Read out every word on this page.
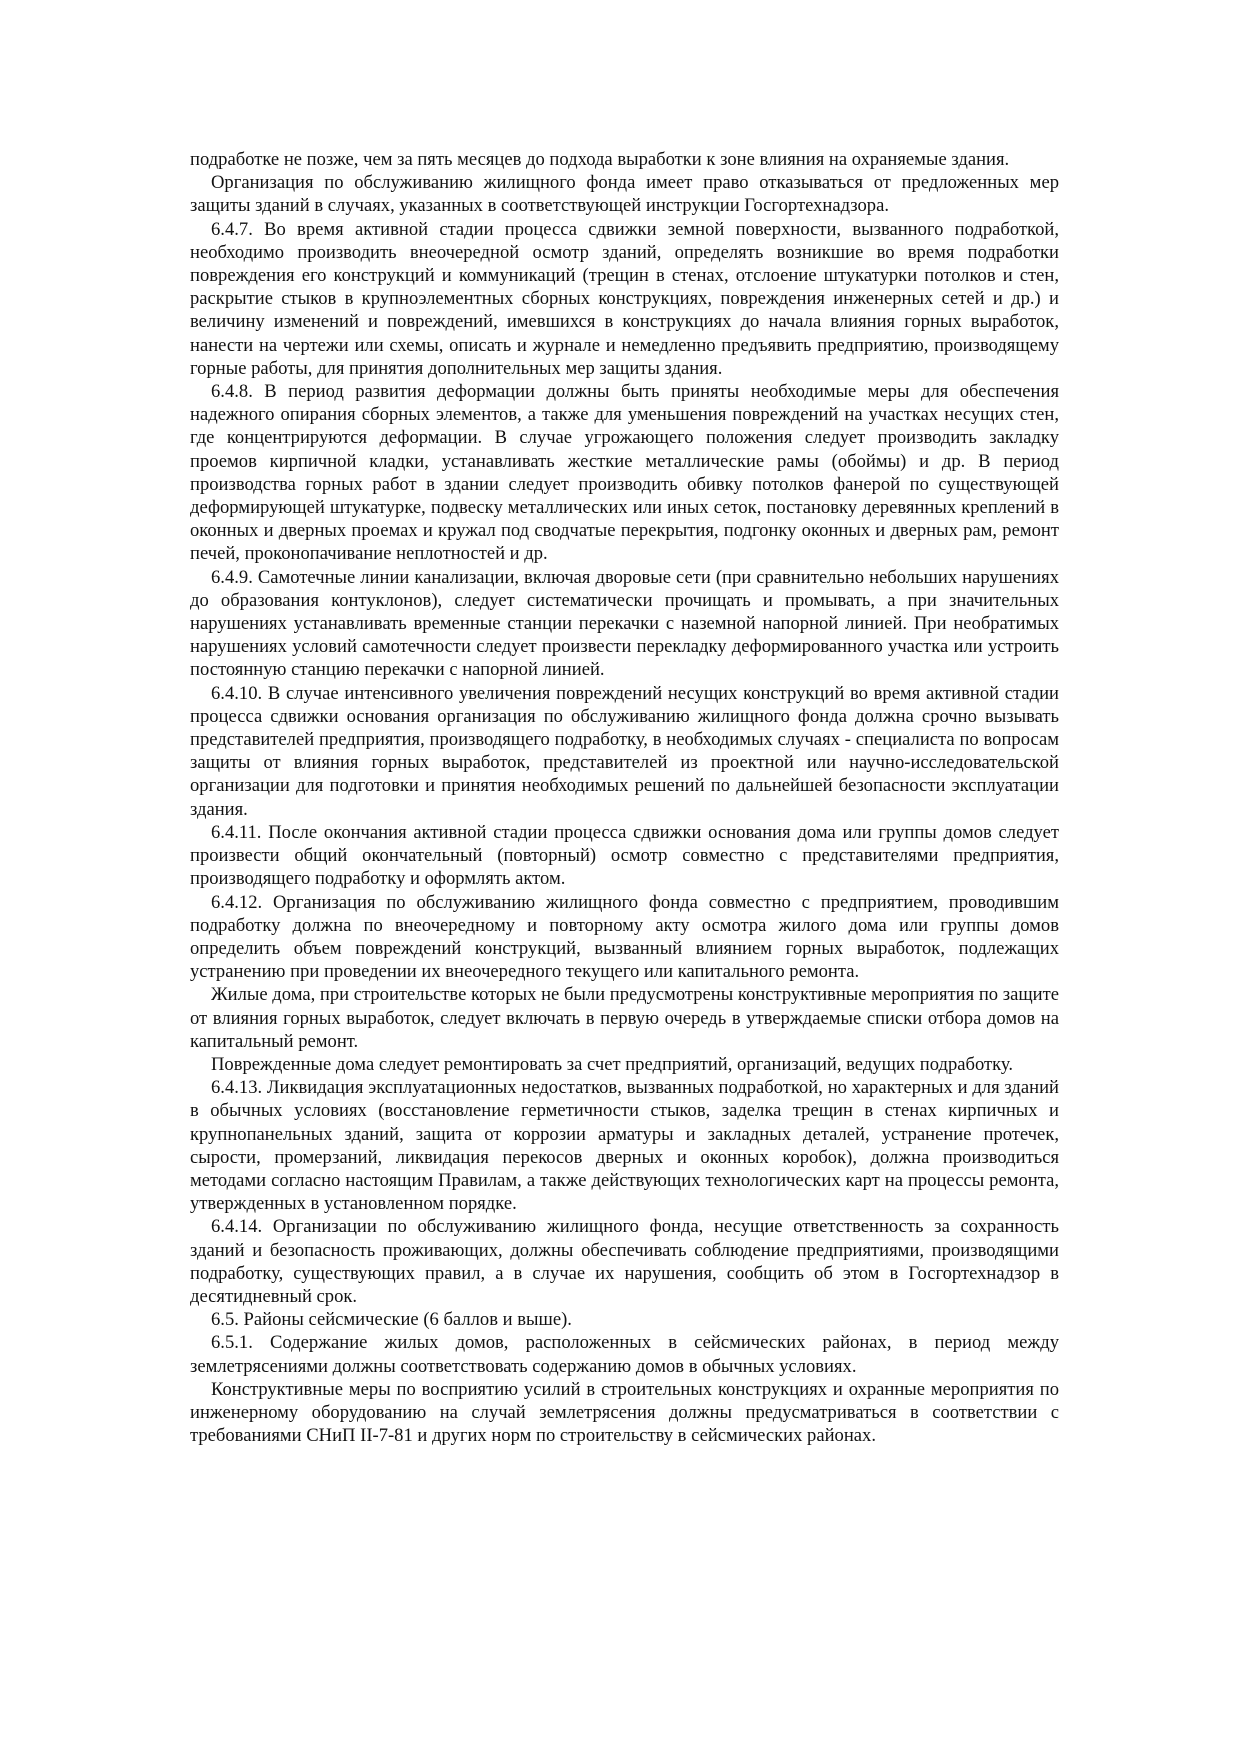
подработке не позже, чем за пять месяцев до подхода выработки к зоне влияния на охраняемые здания.

Организация по обслуживанию жилищного фонда имеет право отказываться от предложенных мер защиты зданий в случаях, указанных в соответствующей инструкции Госгортехнадзора.

6.4.7. Во время активной стадии процесса сдвижки земной поверхности, вызванного подработкой, необходимо производить внеочередной осмотр зданий, определять возникшие во время подработки повреждения его конструкций и коммуникаций (трещин в стенах, отслоение штукатурки потолков и стен, раскрытие стыков в крупноэлементных сборных конструкциях, повреждения инженерных сетей и др.) и величину изменений и повреждений, имевшихся в конструкциях до начала влияния горных выработок, нанести на чертежи или схемы, описать и журнале и немедленно предъявить предприятию, производящему горные работы, для принятия дополнительных мер защиты здания.

6.4.8. В период развития деформации должны быть приняты необходимые меры для обеспечения надежного опирания сборных элементов, а также для уменьшения повреждений на участках несущих стен, где концентрируются деформации. В случае угрожающего положения следует производить закладку проемов кирпичной кладки, устанавливать жесткие металлические рамы (обоймы) и др. В период производства горных работ в здании следует производить обивку потолков фанерой по существующей деформирующей штукатурке, подвеску металлических или иных сеток, постановку деревянных креплений в оконных и дверных проемах и кружал под сводчатые перекрытия, подгонку оконных и дверных рам, ремонт печей, проконопачивание неплотностей и др.

6.4.9. Самотечные линии канализации, включая дворовые сети (при сравнительно небольших нарушениях до образования контуклонов), следует систематически прочищать и промывать, а при значительных нарушениях устанавливать временные станции перекачки с наземной напорной линией. При необратимых нарушениях условий самотечности следует произвести перекладку деформированного участка или устроить постоянную станцию перекачки с напорной линией.

6.4.10. В случае интенсивного увеличения повреждений несущих конструкций во время активной стадии процесса сдвижки основания организация по обслуживанию жилищного фонда должна срочно вызывать представителей предприятия, производящего подработку, в необходимых случаях - специалиста по вопросам защиты от влияния горных выработок, представителей из проектной или научно-исследовательской организации для подготовки и принятия необходимых решений по дальнейшей безопасности эксплуатации здания.

6.4.11. После окончания активной стадии процесса сдвижки основания дома или группы домов следует произвести общий окончательный (повторный) осмотр совместно с представителями предприятия, производящего подработку и оформлять актом.

6.4.12. Организация по обслуживанию жилищного фонда совместно с предприятием, проводившим подработку должна по внеочередному и повторному акту осмотра жилого дома или группы домов определить объем повреждений конструкций, вызванный влиянием горных выработок, подлежащих устранению при проведении их внеочередного текущего или капитального ремонта.

Жилые дома, при строительстве которых не были предусмотрены конструктивные мероприятия по защите от влияния горных выработок, следует включать в первую очередь в утверждаемые списки отбора домов на капитальный ремонт.

Поврежденные дома следует ремонтировать за счет предприятий, организаций, ведущих подработку.

6.4.13. Ликвидация эксплуатационных недостатков, вызванных подработкой, но характерных и для зданий в обычных условиях (восстановление герметичности стыков, заделка трещин в стенах кирпичных и крупнопанельных зданий, защита от коррозии арматуры и закладных деталей, устранение протечек, сырости, промерзаний, ликвидация перекосов дверных и оконных коробок), должна производиться методами согласно настоящим Правилам, а также действующих технологических карт на процессы ремонта, утвержденных в установленном порядке.

6.4.14. Организации по обслуживанию жилищного фонда, несущие ответственность за сохранность зданий и безопасность проживающих, должны обеспечивать соблюдение предприятиями, производящими подработку, существующих правил, а в случае их нарушения, сообщить об этом в Госгортехнадзор в десятидневный срок.

6.5. Районы сейсмические (6 баллов и выше).

6.5.1. Содержание жилых домов, расположенных в сейсмических районах, в период между землетрясениями должны соответствовать содержанию домов в обычных условиях.

Конструктивные меры по восприятию усилий в строительных конструкциях и охранные мероприятия по инженерному оборудованию на случай землетрясения должны предусматриваться в соответствии с требованиями СНиП II-7-81 и других норм по строительству в сейсмических районах.
